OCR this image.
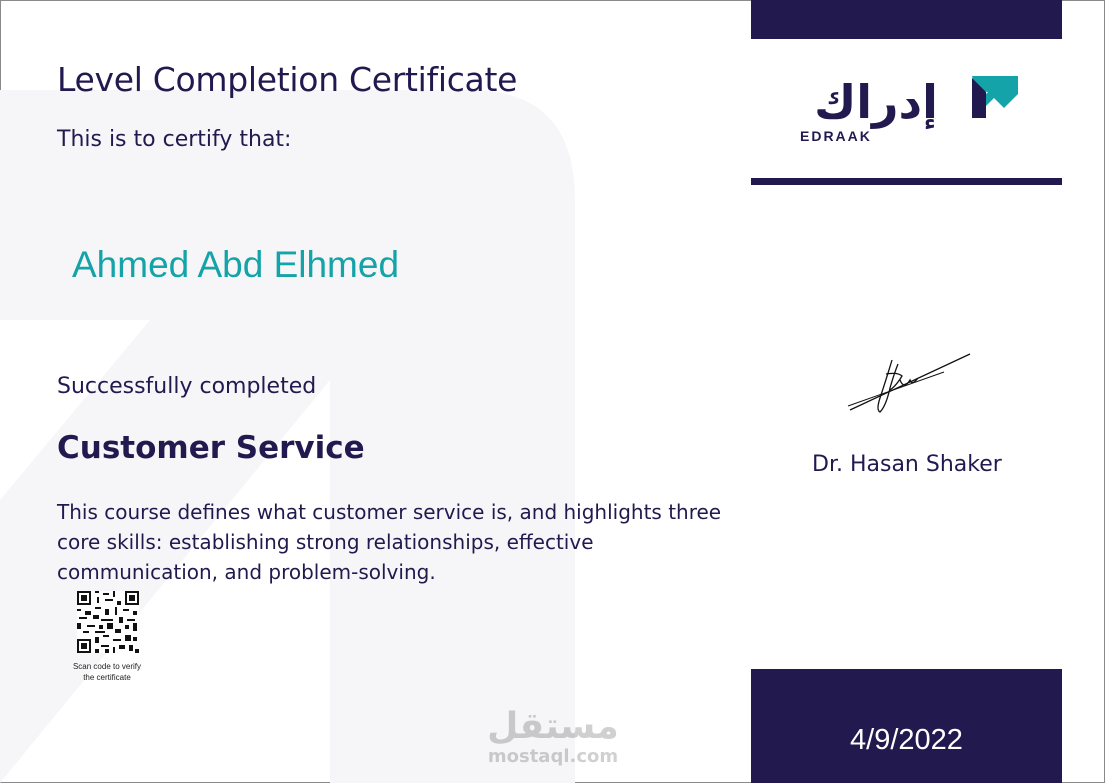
Level Completion Certificate
This is to certify that:
Ahmed Abd Elhmed
Successfully completed
Customer Service
This course defines what customer service is, and highlights three core skills: establishing strong relationships, effective communication, and problem-solving.
Scan code to verify the certificate
إدراك
EDRAAK
Dr. Hasan Shaker
4/9/2022
مستقل
mostaql.com
